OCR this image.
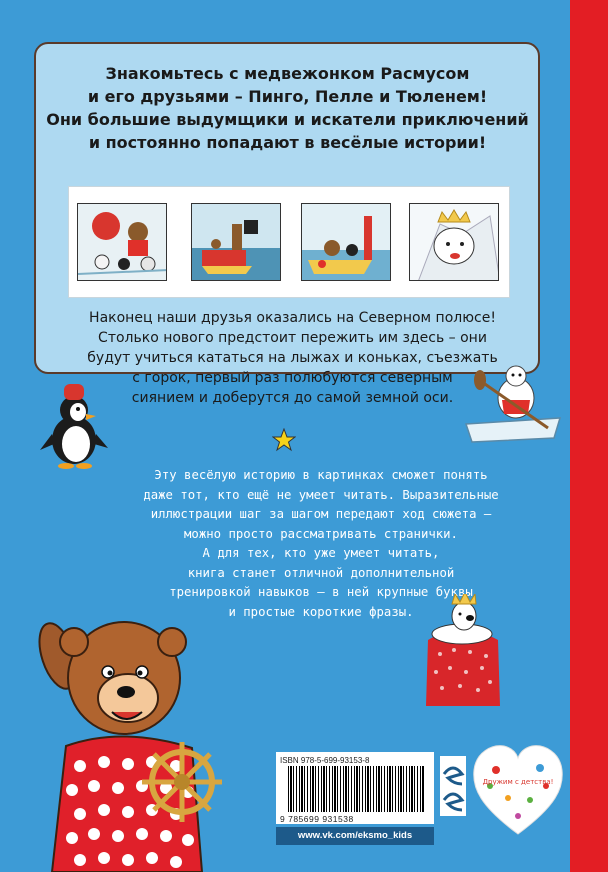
Знакомьтесь с медвежонком Расмусом
и его друзьями – Пинго, Пелле и Тюленем!
Они большие выдумщики и искатели приключений
и постоянно попадают в весёлые истории!
Наконец наши друзья оказались на Северном полюсе!
Столько нового предстоит пережить им здесь – они
будут учиться кататься на лыжах и коньках, съезжать
с горок, первый раз полюбуются северным
сиянием и доберутся до самой земной оси.
Эту весёлую историю в картинках сможет понять
даже тот, кто ещё не умеет читать. Выразительные
иллюстрации шаг за шагом передают ход сюжета –
можно просто рассматривать странички.
А для тех, кто уже умеет читать,
книга станет отличной дополнительной
тренировкой навыков – в ней крупные буквы
и простые короткие фразы.
ISBN 978-5-699-93153-8
9 785699 931538
www.vk.com/eksmo_kids
Дружим с детства!
